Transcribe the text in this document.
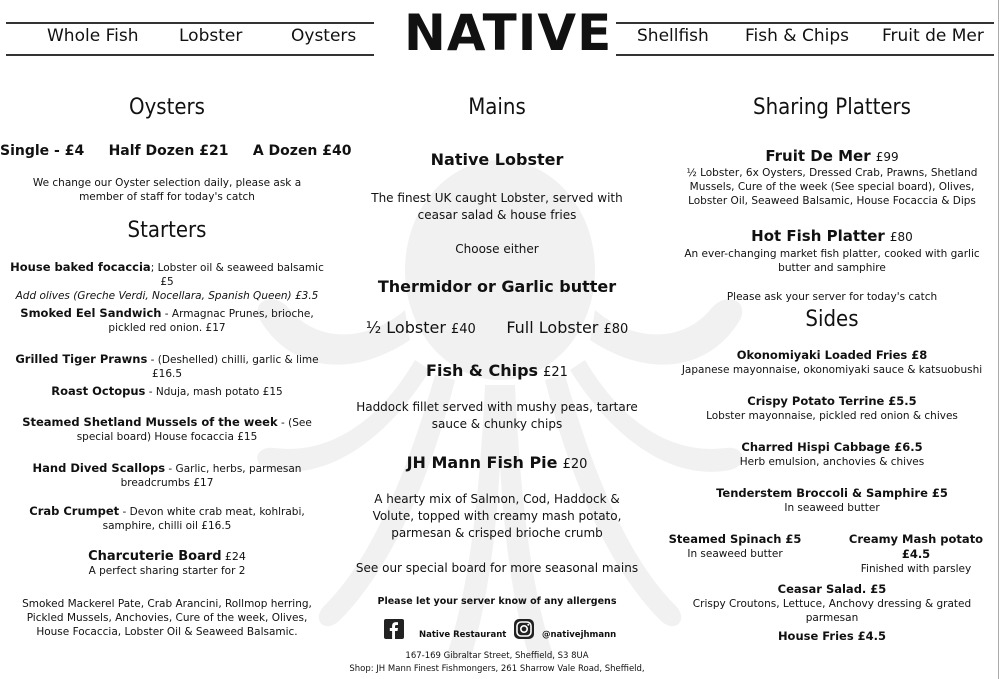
Whole Fish Lobster	Oysters NATIVE Shellfish Fish & Chips Fruit de Mer
Oysters
Single - £4 Half Dozen £21 A Dozen £40
We change our Oyster selection daily, please ask a member of staff for today's catch
Starters
House baked focaccia; Lobster oil & seaweed balsamic £5
Add olives (Greche Verdi, Nocellara, Spanish Queen) £3.5
Smoked Eel Sandwich - Armagnac Prunes, brioche, pickled red onion. £17
Grilled Tiger Prawns - (Deshelled) chilli, garlic & lime £16.5
Roast Octopus - Nduja, mash potato £15
Steamed Shetland Mussels of the week - (See special board) House focaccia £15
Hand Dived Scallops - Garlic, herbs, parmesan breadcrumbs £17
Crab Crumpet - Devon white crab meat, kohlrabi, samphire, chilli oil £16.5
Charcuterie Board £24
A perfect sharing starter for 2
Smoked Mackerel Pate, Crab Arancini, Rollmop herring, Pickled Mussels, Anchovies, Cure of the week, Olives, House Focaccia, Lobster Oil & Seaweed Balsamic.
Mains
Native Lobster
The finest UK caught Lobster, served with ceasar salad & house fries
Choose either
Thermidor or Garlic butter
½ Lobster £40 Full Lobster £80
Fish & Chips £21
Haddock fillet served with mushy peas, tartare sauce & chunky chips
JH Mann Fish Pie £20
A hearty mix of Salmon, Cod, Haddock & Volute, topped with creamy mash potato, parmesan & crisped brioche crumb
See our special board for more seasonal mains
Please let your server know of any allergens
Native Restaurant	@nativejhmann
167-169 Gibraltar Street, Sheffield, S3 8UA
Shop: JH Mann Finest Fishmongers, 261 Sharrow Vale Road, Sheffield,
Sharing Platters
Fruit De Mer £99
½ Lobster, 6x Oysters, Dressed Crab, Prawns, Shetland Mussels, Cure of the week (See special board), Olives, Lobster Oil, Seaweed Balsamic, House Focaccia & Dips
Hot Fish Platter £80
An ever-changing market fish platter, cooked with garlic butter and samphire
Please ask your server for today's catch
Sides
Okonomiyaki Loaded Fries £8
Japanese mayonnaise, okonomiyaki sauce & katsuobushi
Crispy Potato Terrine £5.5
Lobster mayonnaise, pickled red onion & chives
Charred Hispi Cabbage £6.5
Herb emulsion, anchovies & chives
Tenderstem Broccoli & Samphire £5
In seaweed butter
Steamed Spinach £5
In seaweed butter
Creamy Mash potato £4.5
Finished with parsley
Ceasar Salad. £5
Crispy Croutons, Lettuce, Anchovy dressing & grated parmesan
House Fries £4.5
